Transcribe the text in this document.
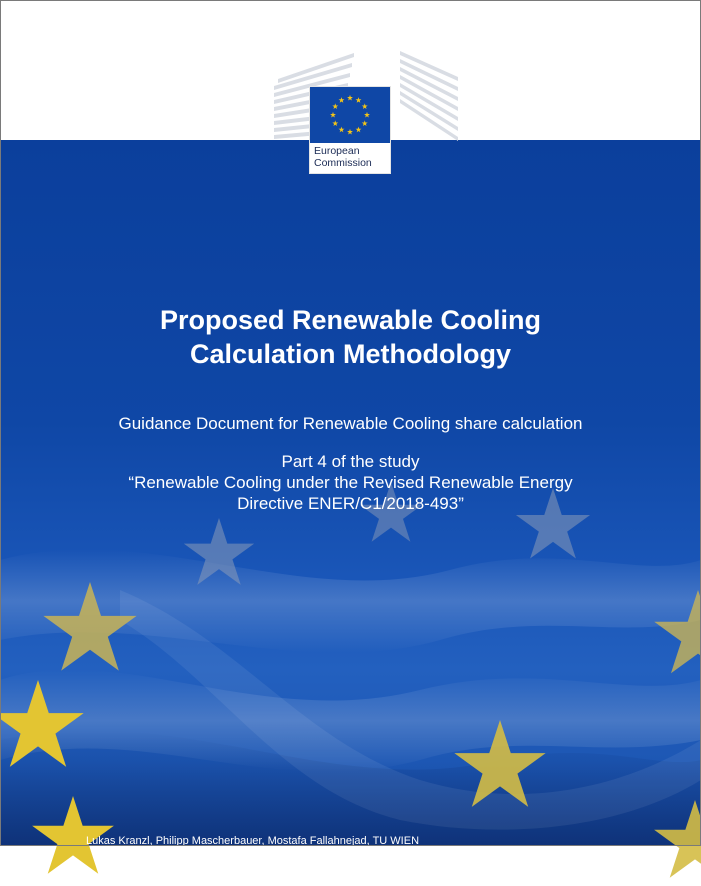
European
Commission
Proposed Renewable Cooling
Calculation Methodology
Guidance Document for Renewable Cooling share calculation
Part 4 of the study
“Renewable Cooling under the Revised Renewable Energy
Directive ENER/C1/2018-493”
Lukas Kranzl, Philipp Mascherbauer, Mostafa Fallahnejad, TU WIEN
